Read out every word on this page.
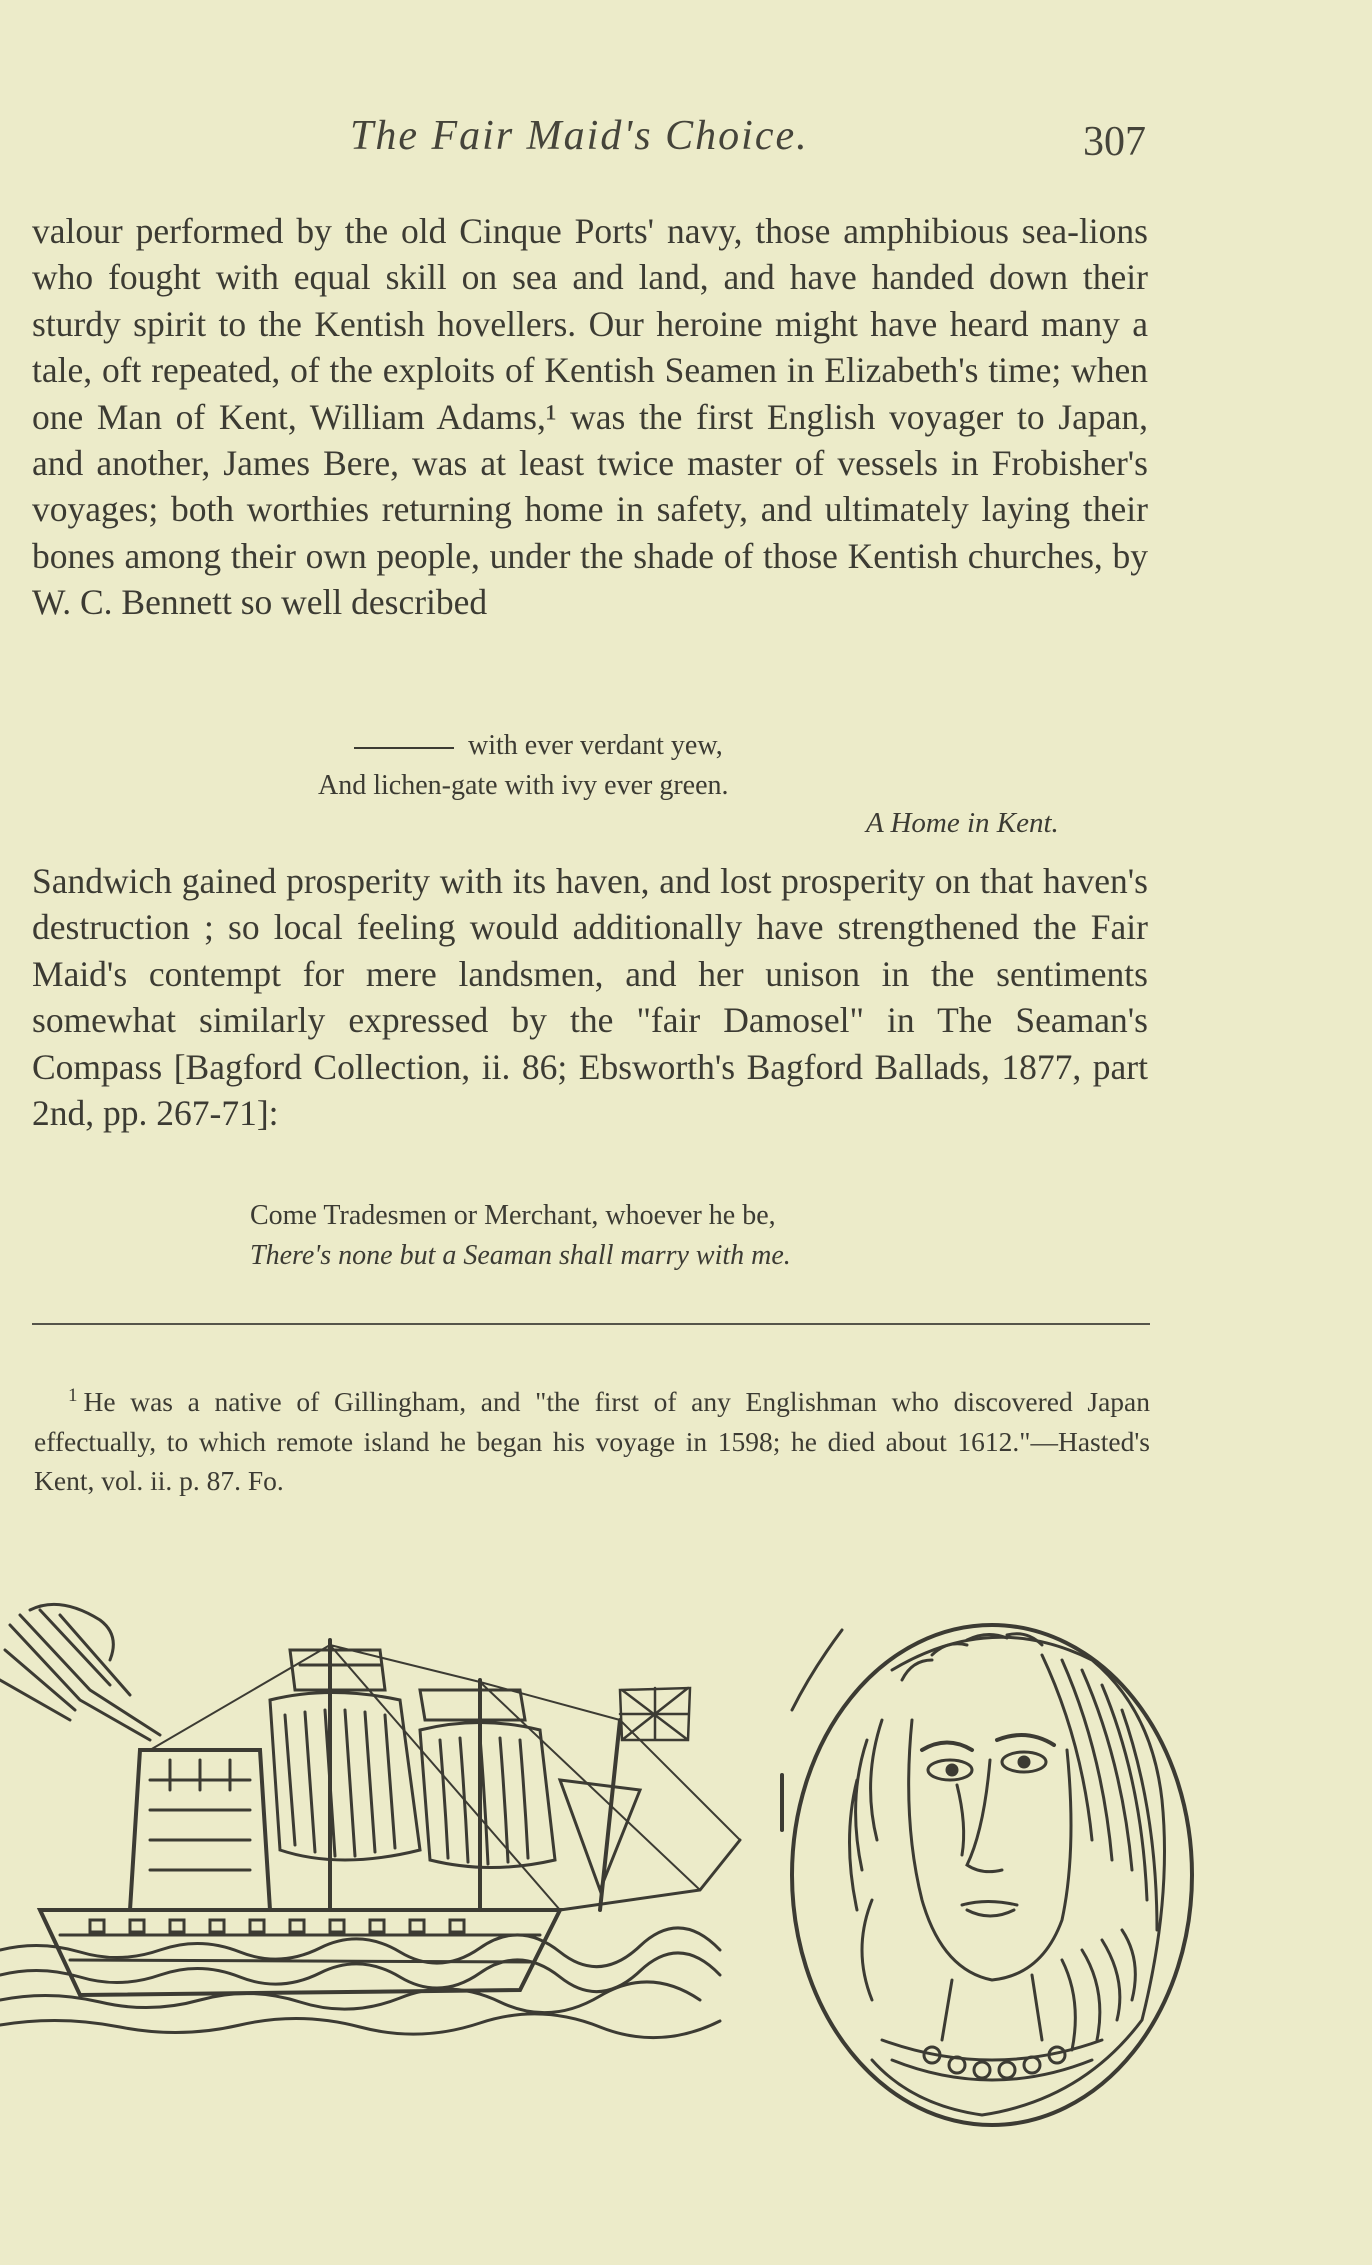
The Fair Maid's Choice.	307

valour performed by the old Cinque Ports' navy, those amphibious sea-lions who fought with equal skill on sea and land, and have handed down their sturdy spirit to the Kentish hovellers. Our heroine might have heard many a tale, oft repeated, of the exploits of Kentish Seamen in Elizabeth's time; when one Man of Kent, William Adams,¹ was the first English voyager to Japan, and another, James Bere, was at least twice master of vessels in Frobisher's voyages; both worthies returning home in safety, and ultimately laying their bones among their own people, under the shade of those Kentish churches, by W. C. Bennett so well described

with ever verdant yew,
And lichen-gate with ivy ever green.
A Home in Kent.

Sandwich gained prosperity with its haven, and lost prosperity on that haven's destruction ; so local feeling would additionally have strengthened the Fair Maid's contempt for mere landsmen, and her unison in the sentiments somewhat similarly expressed by the "fair Damosel" in The Seaman's Compass [Bagford Collection, ii. 86; Ebsworth's Bagford Ballads, 1877, part 2nd, pp. 267-71]:

Come Tradesmen or Merchant, whoever he be,
There's none but a Seaman shall marry with me.

$^1$ He was a native of Gillingham, and "the first of any Englishman who discovered Japan effectually, to which remote island he began his voyage in 1598; he died about 1612."—Hasted's Kent, vol. ii. p. 87. Fo.
